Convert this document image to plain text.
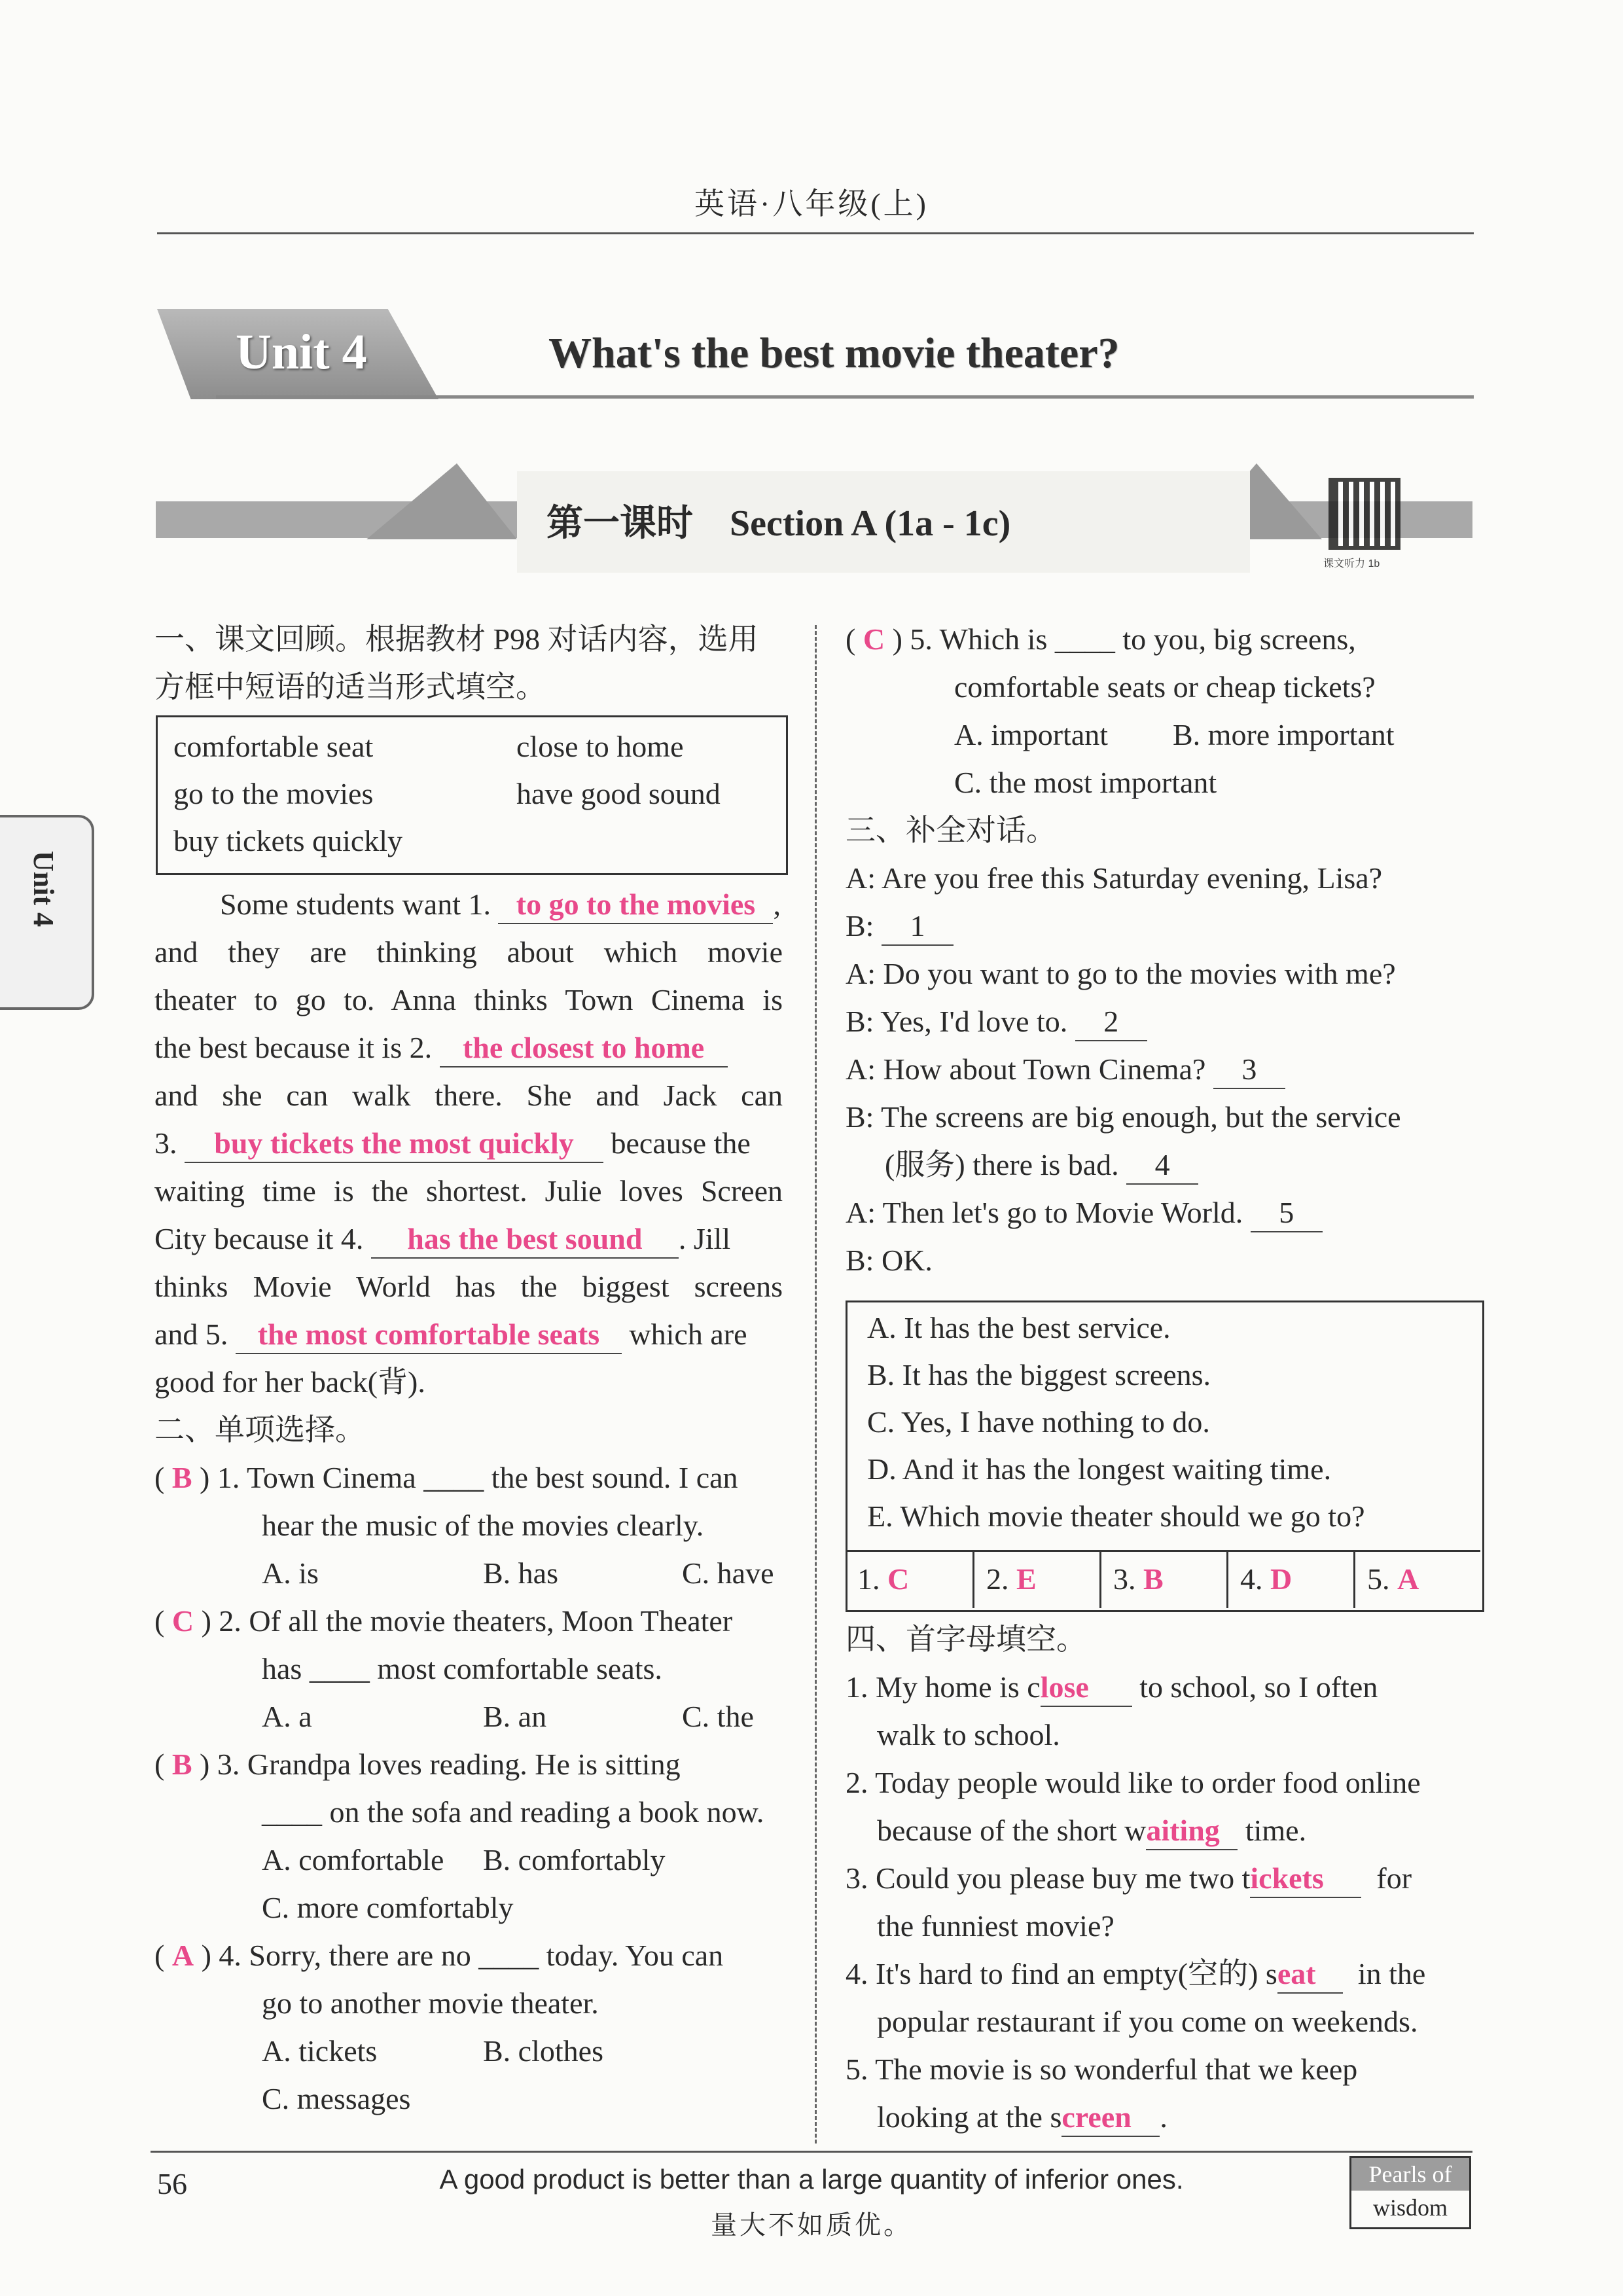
英语·八年级(上)
Unit 4	What's the best movie theater?
第一课时　Section A (1a - 1c)
课文听力 1b
Unit 4
一、课文回顾。根据教材 P98 对话内容，选用
方框中短语的适当形式填空。
comfortable seat	close to home
go to the movies	have good sound
buy tickets quickly
Some students want 1. to go to the movies ,
and they are thinking about which movie
theater to go to. Anna thinks Town Cinema is
the best because it is 2. the closest to home
and she can walk there. She and Jack can
3. buy tickets the most quickly because the
waiting time is the shortest. Julie loves Screen
City because it 4. has the best sound . Jill
thinks Movie World has the biggest screens
and 5. the most comfortable seats which are
good for her back(背).
二、单项选择。
( B ) 1. Town Cinema ____ the best sound. I can
hear the music of the movies clearly.
A. is	B. has	C. have
( C ) 2. Of all the movie theaters, Moon Theater
has ____ most comfortable seats.
A. a	B. an	C. the
( B ) 3. Grandpa loves reading. He is sitting
____ on the sofa and reading a book now.
A. comfortable B. comfortably
C. more comfortably
( A ) 4. Sorry, there are no ____ today. You can
go to another movie theater.
A. tickets	B. clothes
C. messages
( C ) 5. Which is ____ to you, big screens,
comfortable seats or cheap tickets?
A. important B. more important
C. the most important
三、补全对话。
A: Are you free this Saturday evening, Lisa?
B: 1
A: Do you want to go to the movies with me?
B: Yes, I'd love to. 2
A: How about Town Cinema? 3
B: The screens are big enough, but the service
(服务) there is bad. 4
A: Then let's go to Movie World. 5
B: OK.
A. It has the best service.
B. It has the biggest screens.
C. Yes, I have nothing to do.
D. And it has the longest waiting time.
E. Which movie theater should we go to?
1. C	2. E	3. B	4. D	5. A
四、首字母填空。
1. My home is close to school, so I often
walk to school.
2. Today people would like to order food online
because of the short waiting time.
3. Could you please buy me two tickets for
the funniest movie?
4. It's hard to find an empty(空的) seat in the
popular restaurant if you come on weekends.
5. The movie is so wonderful that we keep
looking at the screen .
56	A good product is better than a large quantity of inferior ones.
量大不如质优。
Pearls of
wisdom
